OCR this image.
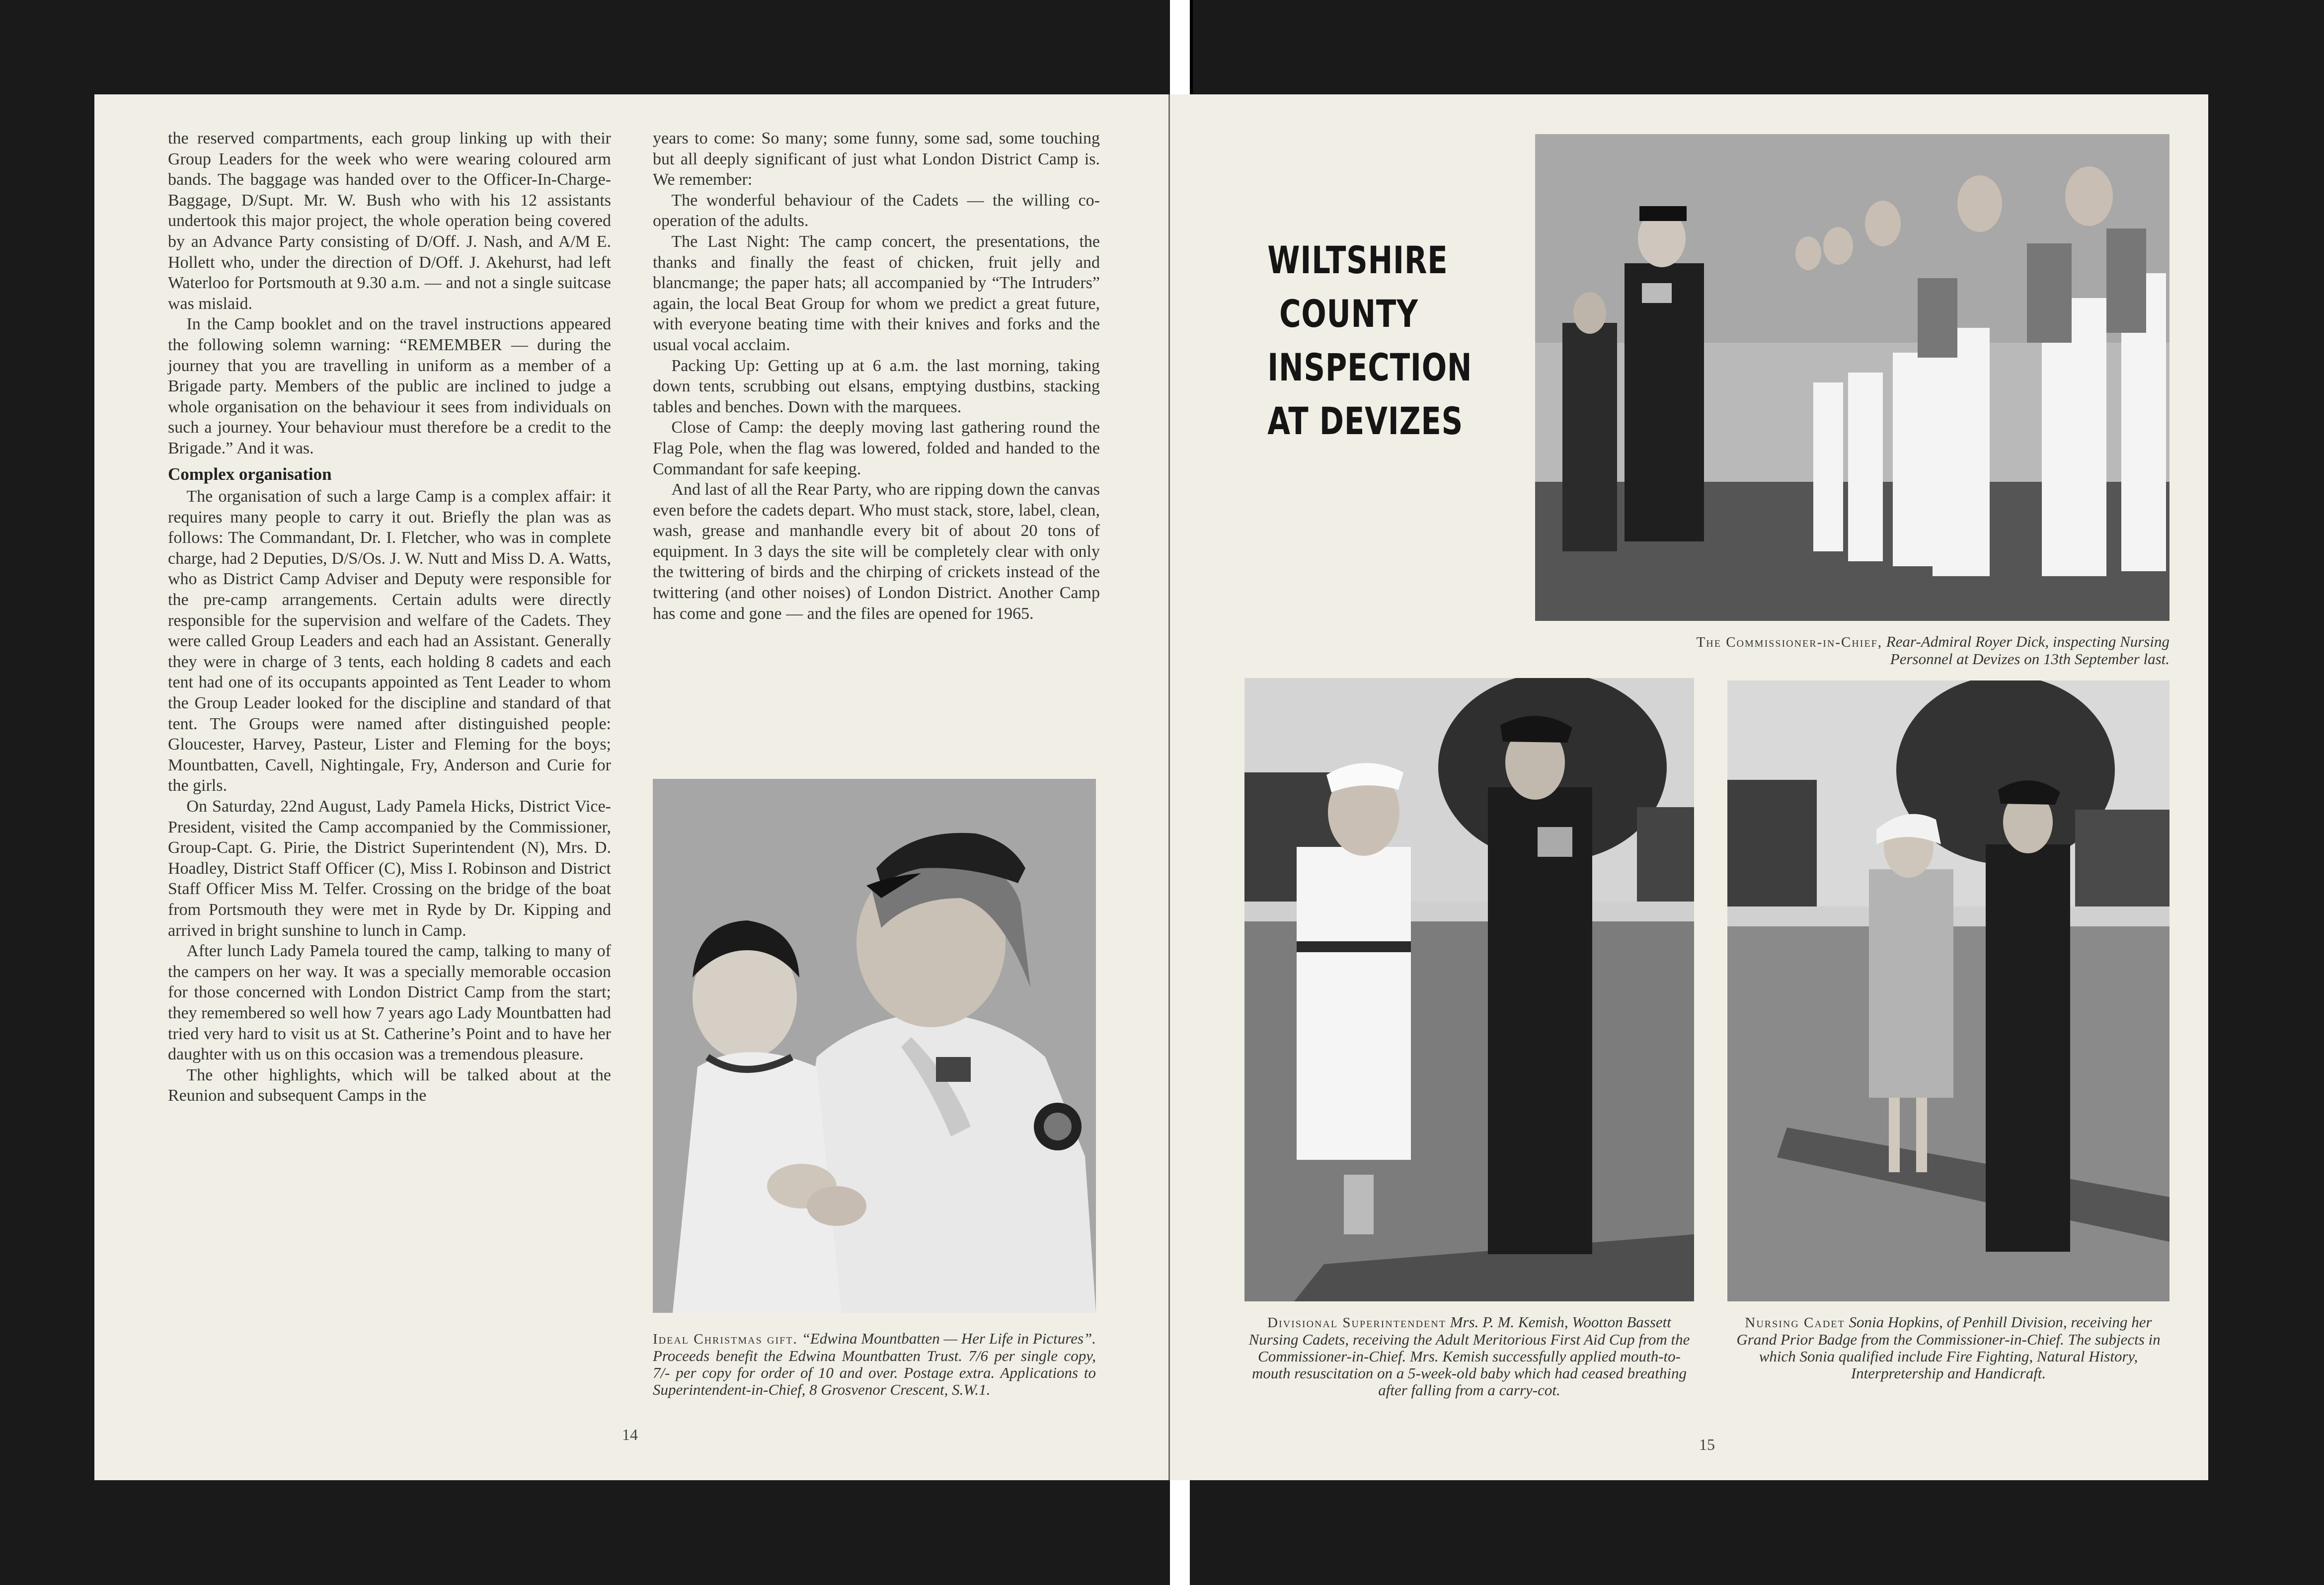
the reserved compartments, each group linking up with their Group Leaders for the week who were wearing coloured arm bands. The baggage was handed over to the Officer-In-Charge-Baggage, D/Supt. Mr. W. Bush who with his 12 assistants undertook this major project, the whole operation being covered by an Advance Party consisting of D/Off. J. Nash, and A/M E. Hollett who, under the direction of D/Off. J. Akehurst, had left Waterloo for Portsmouth at 9.30 a.m. — and not a single suitcase was mislaid.

In the Camp booklet and on the travel instructions appeared the following solemn warning: “REMEMBER — during the journey that you are travelling in uniform as a member of a Brigade party. Members of the public are inclined to judge a whole organisation on the behaviour it sees from individuals on such a journey. Your behaviour must therefore be a credit to the Brigade.” And it was.

Complex organisation

The organisation of such a large Camp is a complex affair: it requires many people to carry it out. Briefly the plan was as follows: The Commandant, Dr. I. Fletcher, who was in complete charge, had 2 Deputies, D/S/Os. J. W. Nutt and Miss D. A. Watts, who as District Camp Adviser and Deputy were responsible for the pre-camp arrangements. Certain adults were directly responsible for the supervision and welfare of the Cadets. They were called Group Leaders and each had an Assistant. Generally they were in charge of 3 tents, each holding 8 cadets and each tent had one of its occupants appointed as Tent Leader to whom the Group Leader looked for the discipline and standard of that tent. The Groups were named after distinguished people: Gloucester, Harvey, Pasteur, Lister and Fleming for the boys; Mountbatten, Cavell, Nightingale, Fry, Anderson and Curie for the girls.

On Saturday, 22nd August, Lady Pamela Hicks, District Vice-President, visited the Camp accompanied by the Commissioner, Group-Capt. G. Pirie, the District Superintendent (N), Mrs. D. Hoadley, District Staff Officer (C), Miss I. Robinson and District Staff Officer Miss M. Telfer. Crossing on the bridge of the boat from Portsmouth they were met in Ryde by Dr. Kipping and arrived in bright sunshine to lunch in Camp.

After lunch Lady Pamela toured the camp, talking to many of the campers on her way. It was a specially memorable occasion for those concerned with London District Camp from the start; they remembered so well how 7 years ago Lady Mountbatten had tried very hard to visit us at St. Catherine’s Point and to have her daughter with us on this occasion was a tremendous pleasure.

The other highlights, which will be talked about at the Reunion and subsequent Camps in the

years to come: So many; some funny, some sad, some touching but all deeply significant of just what London District Camp is. We remember:

The wonderful behaviour of the Cadets — the willing co-operation of the adults.

The Last Night: The camp concert, the presentations, the thanks and finally the feast of chicken, fruit jelly and blancmange; the paper hats; all accompanied by “The Intruders” again, the local Beat Group for whom we predict a great future, with everyone beating time with their knives and forks and the usual vocal acclaim.

Packing Up: Getting up at 6 a.m. the last morning, taking down tents, scrubbing out elsans, emptying dustbins, stacking tables and benches. Down with the marquees.

Close of Camp: the deeply moving last gathering round the Flag Pole, when the flag was lowered, folded and handed to the Commandant for safe keeping.

And last of all the Rear Party, who are ripping down the canvas even before the cadets depart. Who must stack, store, label, clean, wash, grease and manhandle every bit of about 20 tons of equipment. In 3 days the site will be completely clear with only the twittering of birds and the chirping of crickets instead of the twittering (and other noises) of London District. Another Camp has come and gone — and the files are opened for 1965.

Ideal Christmas gift. “Edwina Mountbatten — Her Life in Pictures”. Proceeds benefit the Edwina Mountbatten Trust. 7/6 per single copy, 7/- per copy for order of 10 and over. Postage extra. Applications to Superintendent-in-Chief, 8 Grosvenor Crescent, S.W.1.

14
WILTSHIRE
COUNTY
INSPECTION
AT DEVIZES

The Commissioner-in-Chief, Rear-Admiral Royer Dick, inspecting Nursing Personnel at Devizes on 13th September last.

Divisional Superintendent Mrs. P. M. Kemish, Wootton Bassett Nursing Cadets, receiving the Adult Meritorious First Aid Cup from the Commissioner-in-Chief. Mrs. Kemish successfully applied mouth-to-mouth resuscitation on a 5-week-old baby which had ceased breathing after falling from a carry-cot.

Nursing Cadet Sonia Hopkins, of Penhill Division, receiving her Grand Prior Badge from the Commissioner-in-Chief. The subjects in which Sonia qualified include Fire Fighting, Natural History, Interpretership and Handicraft.

15
